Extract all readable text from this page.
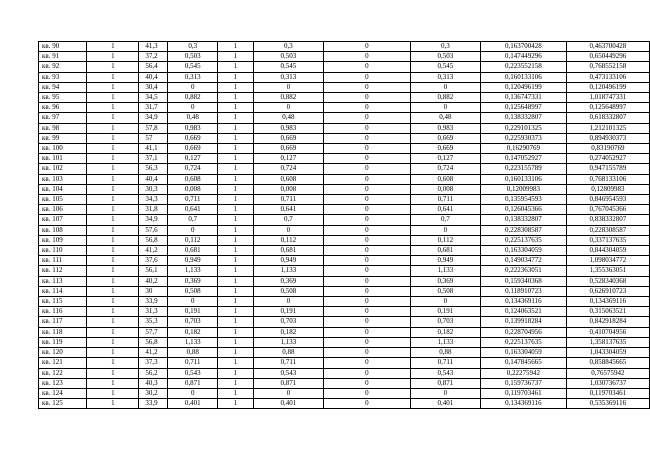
кв. 90	1	41,3	0,3	1	0,3	0	0,3	0,163700428	0,463700428
кв. 91	1	37,2	0,503	1	0,503	0	0,503	0,147449296	0,650449296
кв. 92	1	56,4	0,545	1	0,545	0	0,545	0,223552158	0,768552158
кв. 93	1	40,4	0,313	1	0,313	0	0,313	0,160133106	0,473133106
кв. 94	1	30,4	0	1	0	0	0	0,120496199	0,120496199
кв. 95	1	34,5	0,882	1	0,882	0	0,882	0,136747331	1,018747331
кв. 96	1	31,7	0	1	0	0	0	0,125648997	0,125648997
кв. 97	1	34,9	0,48	1	0,48	0	0,48	0,138332807	0,618332807
кв. 98	1	57,8	0,983	1	0,983	0	0,983	0,229101325	1,212101325
кв. 99	1	57	0,669	1	0,669	0	0,669	0,225930373	0,894930373
кв. 100	1	41,1	0,669	1	0,669	0	0,669	0,16290769	0,83190769
кв. 101	1	37,1	0,127	1	0,127	0	0,127	0,147052927	0,274052927
кв. 102	1	56,3	0,724	1	0,724	0	0,724	0,223155789	0,947155789
кв. 103	1	40,4	0,608	1	0,608	0	0,608	0,160133106	0,768133106
кв. 104	1	30,3	0,008	1	0,008	0	0,008	0,12009983	0,12809983
кв. 105	1	34,3	0,711	1	0,711	0	0,711	0,135954593	0,846954593
кв. 106	1	31,8	0,641	1	0,641	0	0,641	0,126045366	0,767045366
кв. 107	1	34,9	0,7	1	0,7	0	0,7	0,138332807	0,838332807
кв. 108	1	57,6	0	1	0	0	0	0,228308587	0,228308587
кв. 109	1	56,8	0,112	1	0,112	0	0,112	0,225137635	0,337137635
кв. 110	1	41,2	0,681	1	0,681	0	0,681	0,163304059	0,844304059
кв. 111	1	37,6	0,949	1	0,949	0	0,949	0,149034772	1,098034772
кв. 112	1	56,1	1,133	1	1,133	0	1,133	0,222363051	1,355363051
кв. 113	1	40,2	0,369	1	0,369	0	0,369	0,159340368	0,528340368
кв. 114	1	30	0,508	1	0,508	0	0,508	0,118910723	0,626910723
кв. 115	1	33,9	0	1	0	0	0	0,134369116	0,134369116
кв. 116	1	31,3	0,191	1	0,191	0	0,191	0,124063521	0,315063521
кв. 117	1	35,3	0,703	1	0,703	0	0,703	0,139918284	0,842918284
кв. 118	1	57,7	0,182	1	0,182	0	0,182	0,228704956	0,410704956
кв. 119	1	56,8	1,133	1	1,133	0	1,133	0,225137635	1,358137635
кв. 120	1	41,2	0,88	1	0,88	0	0,88	0,163304059	1,043304059
кв. 121	1	37,3	0,711	1	0,711	0	0,711	0,147845665	0,858845665
кв. 122	1	56,2	0,543	1	0,543	0	0,543	0,22275942	0,76575942
кв. 123	1	40,3	0,871	1	0,871	0	0,871	0,159736737	1,030736737
кв. 124	1	30,2	0	1	0	0	0	0,119703461	0,119703461
кв. 125	1	33,9	0,401	1	0,401	0	0,401	0,134369116	0,535369116
